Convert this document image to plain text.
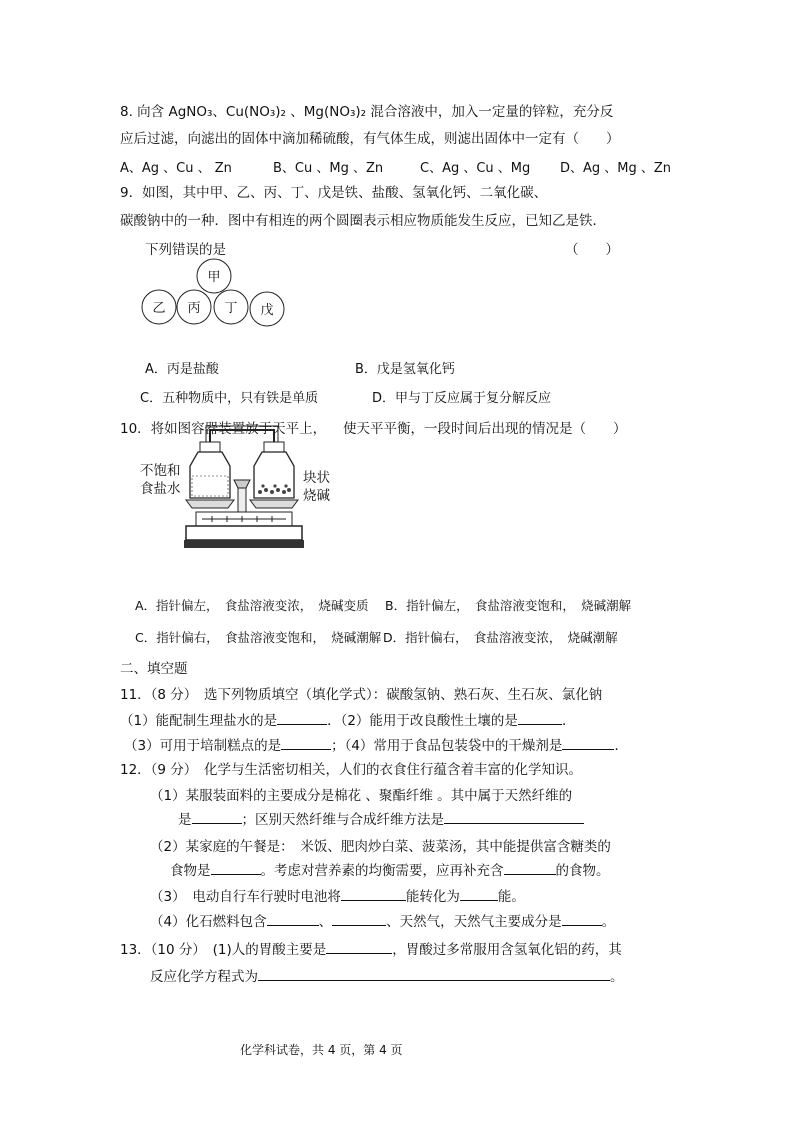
8. 向含 AgNO₃、Cu(NO₃)₂ 、Mg(NO₃)₂ 混合溶液中，加入一定量的锌粒，充分反
应后过滤，向滤出的固体中滴加稀硫酸，有气体生成，则滤出固体中一定有（　　）
A、Ag 、Cu 、 Zn	B、Cu 、Mg 、Zn	C、Ag 、Cu 、Mg D、Ag 、Mg 、Zn
9．如图，其中甲、乙、丙、丁、戊是铁、盐酸、氢氧化钙、二氧化碳、
碳酸钠中的一种．图中有相连的两个圆圈表示相应物质能发生反应，已知乙是铁．
下列错误的是	（　　）
甲
乙 丙 丁 戊
A．丙是盐酸	B．戊是氢氧化钙
C．五种物质中，只有铁是单质	D．甲与丁反应属于复分解反应
10．将如图容器装置放于天平上， 使天平平衡，一段时间后出现的情况是（　　）
不饱和
食盐水
块状
烧碱
A．指针偏左，　食盐溶液变浓，　烧碱变质 B．指针偏左，　食盐溶液变饱和，　烧碱潮解
C．指针偏右，　食盐溶液变饱和，　烧碱潮解 D．指针偏右，　食盐溶液变浓，　烧碱潮解
二、填空题
11．（8 分）　选下列物质填空（填化学式）：碳酸氢钠、熟石灰、生石灰、氯化钠
（1）能配制生理盐水的是	．（2）能用于改良酸性土壤的是	．
（3）可用于培制糕点的是	；（4）常用于食品包装袋中的干燥剂是	．
12．（9 分）　化学与生活密切相关，人们的衣食住行蕴含着丰富的化学知识。
（1）某服装面料的主要成分是棉花 、聚酯纤维 。其中属于天然纤维的
是	；区别天然纤维与合成纤维方法是
（2）某家庭的午餐是：　米饭、肥肉炒白菜、菠菜汤，其中能提供富含糖类的
食物是	。考虑对营养素的均衡需要，应再补充含	的食物。
（3）　电动自行车行驶时电池将	能转化为	能。
（4）化石燃料包含	、	、天然气，天然气主要成分是	。
13．（10 分）　(1)人的胃酸主要是	，胃酸过多常服用含氢氧化铝的药，其
反应化学方程式为	。
化学科试卷，共 4 页，第 4 页
